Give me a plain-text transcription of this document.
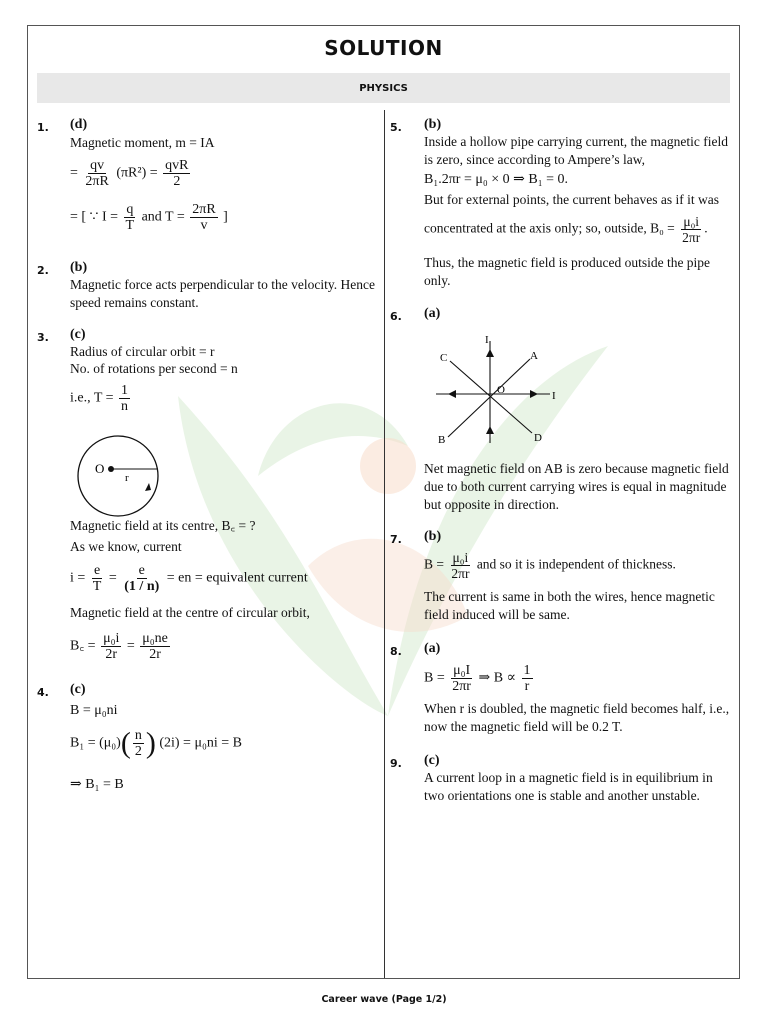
SOLUTION
PHYSICS
1. (d)
Magnetic moment, m = IA
= $\frac{qv}{2\pi R} (\pi R^2) = \frac{\text{qvR}}{2}$
= [ ∵ $I = \frac{q}{T}$ and $T = \frac{2\pi R}{v}$ ]
2. (b)
Magnetic force acts perpendicular to the velocity. Hence speed remains constant.
3. (c)
Radius of circular orbit = r
No. of rotations per second = n
i.e., $T = \frac{1}{n}$
O
r
Magnetic field at its centre, B꜀ = ?
As we know, current
$i = \frac{e}{T} = \frac{e}{(1 / n)}$ = en = equivalent current
Magnetic field at the centre of circular orbit,
B꜀ = $\frac{\text{μ₀i}}{2r} = \frac{\text{μ₀ne}}{2r}$
4. (c)
B = μ₀ni
$B_1 = (\mu_0)( \frac{n}{2}$ ) (2i) = μ₀ni = B
⇒ B₁ = B
5. (b)
Inside a hollow pipe carrying current, the magnetic field is zero, since according to Ampere’s law,
B₁.2πr = μ₀ × 0 ⇒ B₁ = 0.
But for external points, the current behaves as if it was
concentrated at the axis only; so, outside, $B_0 = \frac{\text{μ₀i}}{2\pi r}$ .
Thus, the magnetic field is produced outside the pipe only.
6. (a)
C	A
B	D
O
I
I
Net magnetic field on AB is zero because magnetic field due to both current carrying wires is equal in magnitude but opposite in direction.
7. (b)
$B = \frac{\text{μ₀i}}{2\pi r}$ and so it is independent of thickness.
The current is same in both the wires, hence magnetic field induced will be same.
8. (a)
$B = \frac{\text{μ₀I}}{2\pi r}$ ⇒ $B \propto \frac{1}{r}$
When r is doubled, the magnetic field becomes half, i.e., now the magnetic field will be 0.2 T.
9. (c)
A current loop in a magnetic field is in equilibrium in two orientations one is stable and another unstable.
Career wave (Page 1/2)
